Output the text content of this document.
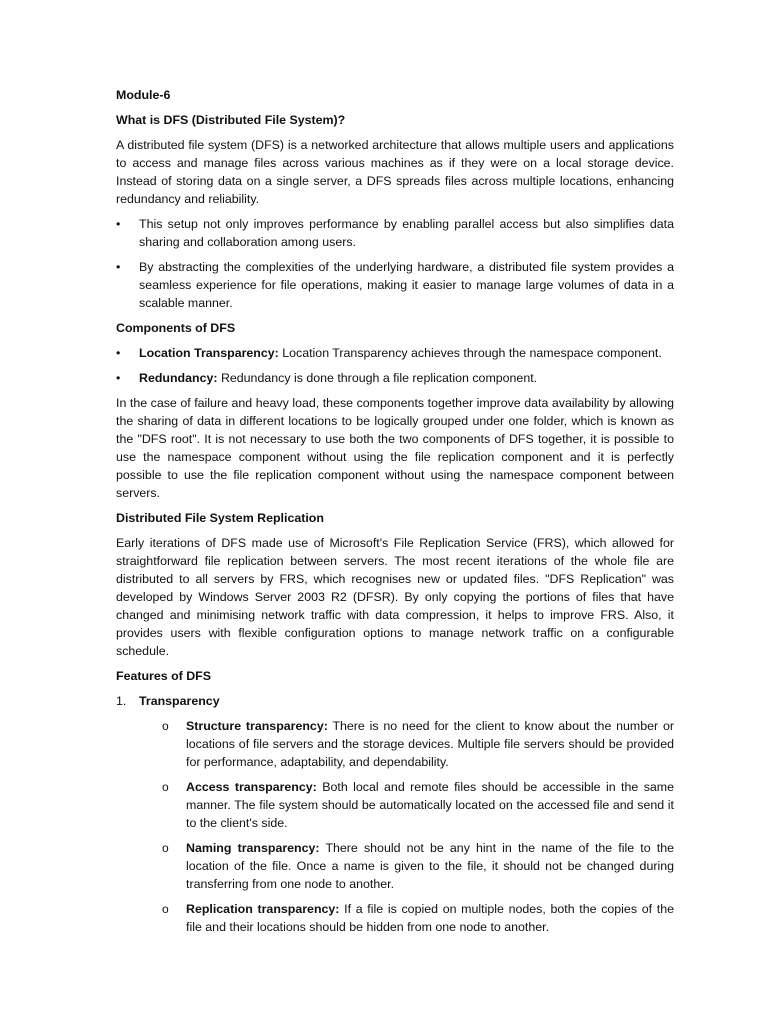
Module-6
What is DFS (Distributed File System)?
A distributed file system (DFS) is a networked architecture that allows multiple users and applications to access and manage files across various machines as if they were on a local storage device. Instead of storing data on a single server, a DFS spreads files across multiple locations, enhancing redundancy and reliability.
•	This setup not only improves performance by enabling parallel access but also simplifies data sharing and collaboration among users.
•	By abstracting the complexities of the underlying hardware, a distributed file system provides a seamless experience for file operations, making it easier to manage large volumes of data in a scalable manner.
Components of DFS
•	Location Transparency: Location Transparency achieves through the namespace component.
•	Redundancy: Redundancy is done through a file replication component.
In the case of failure and heavy load, these components together improve data availability by allowing the sharing of data in different locations to be logically grouped under one folder, which is known as the "DFS root". It is not necessary to use both the two components of DFS together, it is possible to use the namespace component without using the file replication component and it is perfectly possible to use the file replication component without using the namespace component between servers.
Distributed File System Replication
Early iterations of DFS made use of Microsoft's File Replication Service (FRS), which allowed for straightforward file replication between servers. The most recent iterations of the whole file are distributed to all servers by FRS, which recognises new or updated files. "DFS Replication" was developed by Windows Server 2003 R2 (DFSR). By only copying the portions of files that have changed and minimising network traffic with data compression, it helps to improve FRS. Also, it provides users with flexible configuration options to manage network traffic on a configurable schedule.
Features of DFS
1. Transparency
o Structure transparency: There is no need for the client to know about the number or locations of file servers and the storage devices. Multiple file servers should be provided for performance, adaptability, and dependability.
o Access transparency: Both local and remote files should be accessible in the same manner. The file system should be automatically located on the accessed file and send it to the client's side.
o Naming transparency: There should not be any hint in the name of the file to the location of the file. Once a name is given to the file, it should not be changed during transferring from one node to another.
o Replication transparency: If a file is copied on multiple nodes, both the copies of the file and their locations should be hidden from one node to another.
